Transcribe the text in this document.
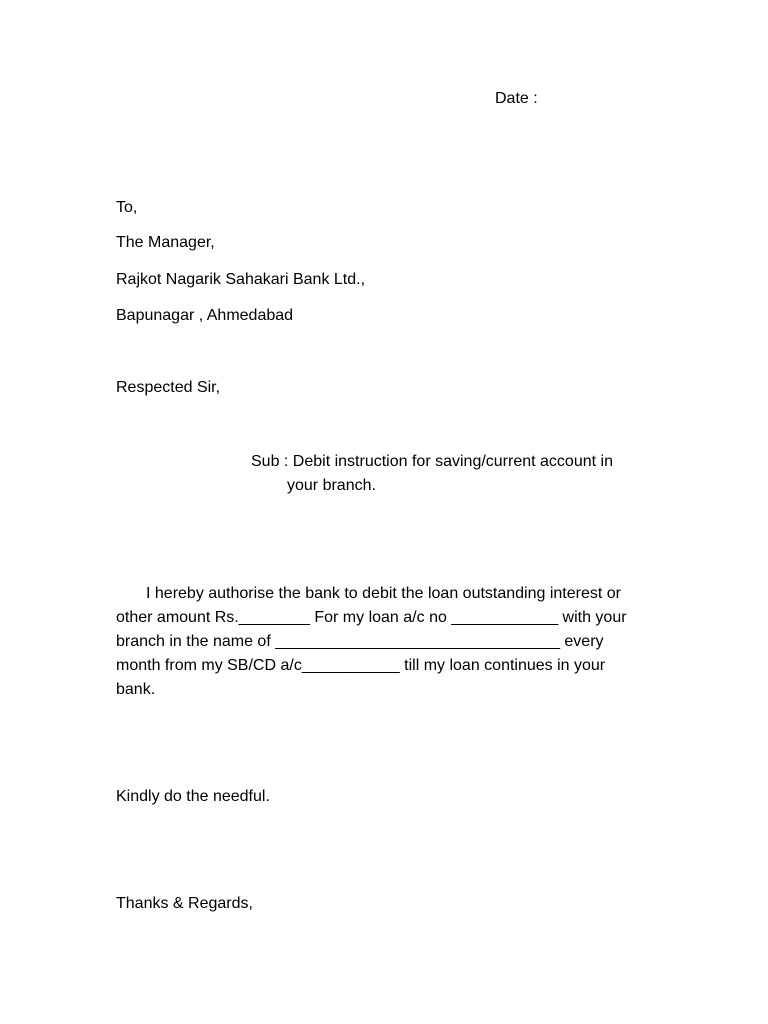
Date :
To,
The Manager,
Rajkot Nagarik Sahakari Bank Ltd.,
Bapunagar , Ahmedabad
Respected Sir,
Sub : Debit instruction for saving/current account in
your branch.
I hereby authorise the bank to debit the loan outstanding interest or
other amount Rs.________ For my loan a/c no ____________ with your
branch in the name of ________________________________ every
month from my SB/CD a/c___________ till my loan continues in your
bank.
Kindly do the needful.
Thanks & Regards,
